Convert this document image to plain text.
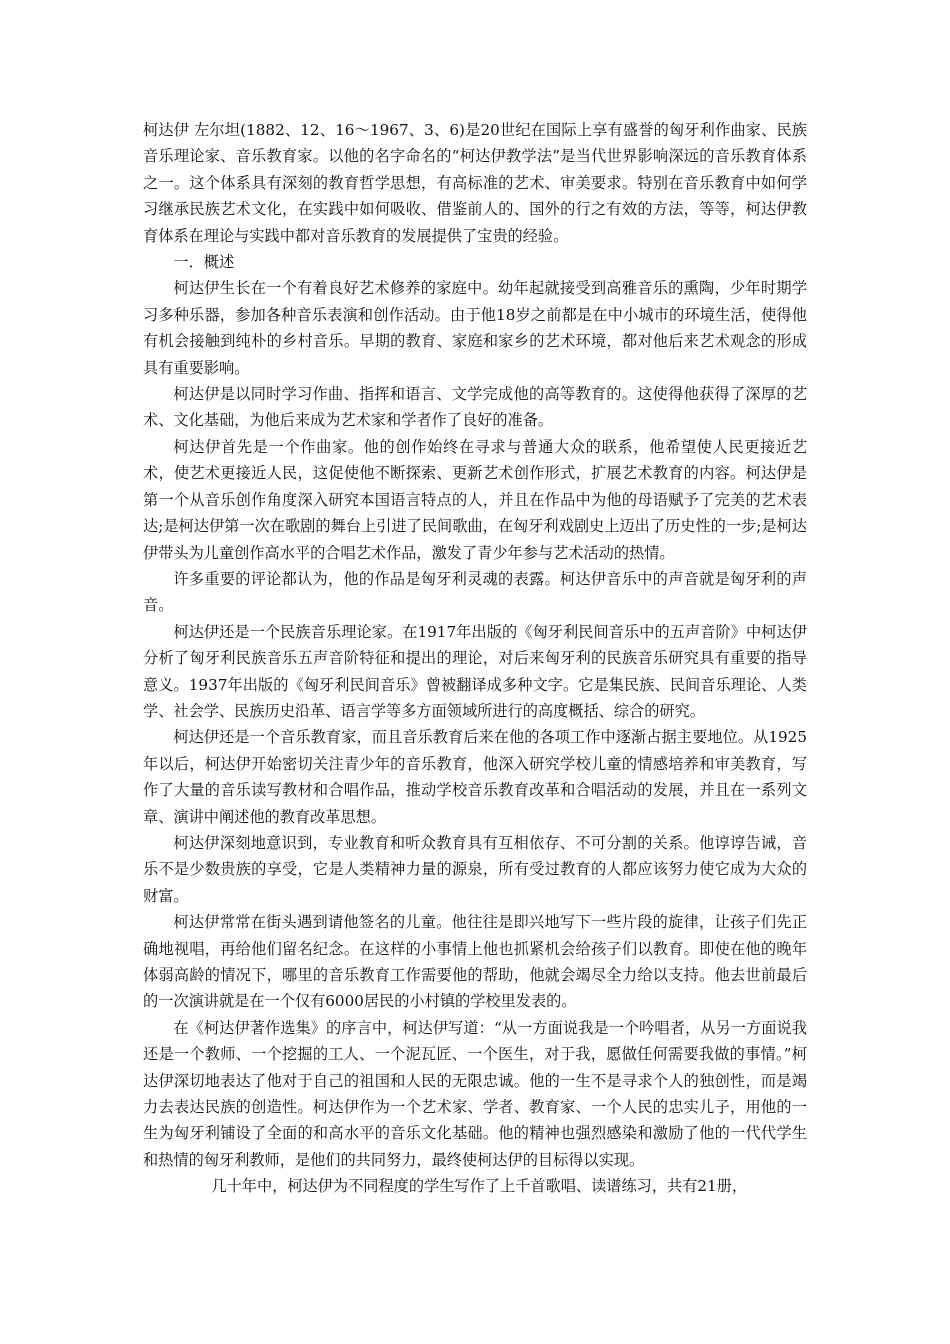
柯达伊 左尔坦(1882、12、16～1967、3、6)是20世纪在国际上享有盛誉的匈牙利作曲家、民族音乐理论家、音乐教育家。以他的名字命名的“柯达伊教学法”是当代世界影响深远的音乐教育体系之一。这个体系具有深刻的教育哲学思想，有高标准的艺术、审美要求。特别在音乐教育中如何学习继承民族艺术文化，在实践中如何吸收、借鉴前人的、国外的行之有效的方法，等等，柯达伊教育体系在理论与实践中都对音乐教育的发展提供了宝贵的经验。

一．概述

柯达伊生长在一个有着良好艺术修养的家庭中。幼年起就接受到高雅音乐的熏陶，少年时期学习多种乐器，参加各种音乐表演和创作活动。由于他18岁之前都是在中小城市的环境生活，使得他有机会接触到纯朴的乡村音乐。早期的教育、家庭和家乡的艺术环境，都对他后来艺术观念的形成具有重要影响。

柯达伊是以同时学习作曲、指挥和语言、文学完成他的高等教育的。这使得他获得了深厚的艺术、文化基础，为他后来成为艺术家和学者作了良好的准备。

柯达伊首先是一个作曲家。他的创作始终在寻求与普通大众的联系，他希望使人民更接近艺术，使艺术更接近人民，这促使他不断探索、更新艺术创作形式，扩展艺术教育的内容。柯达伊是第一个从音乐创作角度深入研究本国语言特点的人，并且在作品中为他的母语赋予了完美的艺术表达;是柯达伊第一次在歌剧的舞台上引进了民间歌曲，在匈牙利戏剧史上迈出了历史性的一步;是柯达伊带头为儿童创作高水平的合唱艺术作品，激发了青少年参与艺术活动的热情。

许多重要的评论都认为，他的作品是匈牙利灵魂的表露。柯达伊音乐中的声音就是匈牙利的声音。

柯达伊还是一个民族音乐理论家。在1917年出版的《匈牙利民间音乐中的五声音阶》中柯达伊分析了匈牙利民族音乐五声音阶特征和提出的理论，对后来匈牙利的民族音乐研究具有重要的指导意义。1937年出版的《匈牙利民间音乐》曾被翻译成多种文字。它是集民族、民间音乐理论、人类学、社会学、民族历史沿革、语言学等多方面领域所进行的高度概括、综合的研究。

柯达伊还是一个音乐教育家，而且音乐教育后来在他的各项工作中逐渐占据主要地位。从1925年以后，柯达伊开始密切关注青少年的音乐教育，他深入研究学校儿童的情感培养和审美教育，写作了大量的音乐读写教材和合唱作品，推动学校音乐教育改革和合唱活动的发展，并且在一系列文章、演讲中阐述他的教育改革思想。

柯达伊深刻地意识到，专业教育和听众教育具有互相依存、不可分割的关系。他谆谆告诫，音乐不是少数贵族的享受，它是人类精神力量的源泉，所有受过教育的人都应该努力使它成为大众的财富。

柯达伊常常在街头遇到请他签名的儿童。他往往是即兴地写下一些片段的旋律，让孩子们先正确地视唱，再给他们留名纪念。在这样的小事情上他也抓紧机会给孩子们以教育。即使在他的晚年体弱高龄的情况下，哪里的音乐教育工作需要他的帮助，他就会竭尽全力给以支持。他去世前最后的一次演讲就是在一个仅有6000居民的小村镇的学校里发表的。

在《柯达伊著作选集》的序言中，柯达伊写道：“从一方面说我是一个吟唱者，从另一方面说我还是一个教师、一个挖掘的工人、一个泥瓦匠、一个医生，对于我，愿做任何需要我做的事情。”柯达伊深切地表达了他对于自己的祖国和人民的无限忠诚。他的一生不是寻求个人的独创性，而是竭力去表达民族的创造性。柯达伊作为一个艺术家、学者、教育家、一个人民的忠实儿子，用他的一生为匈牙利铺设了全面的和高水平的音乐文化基础。他的精神也强烈感染和激励了他的一代代学生和热情的匈牙利教师，是他们的共同努力，最终使柯达伊的目标得以实现。

几十年中，柯达伊为不同程度的学生写作了上千首歌唱、读谱练习，共有21册，
